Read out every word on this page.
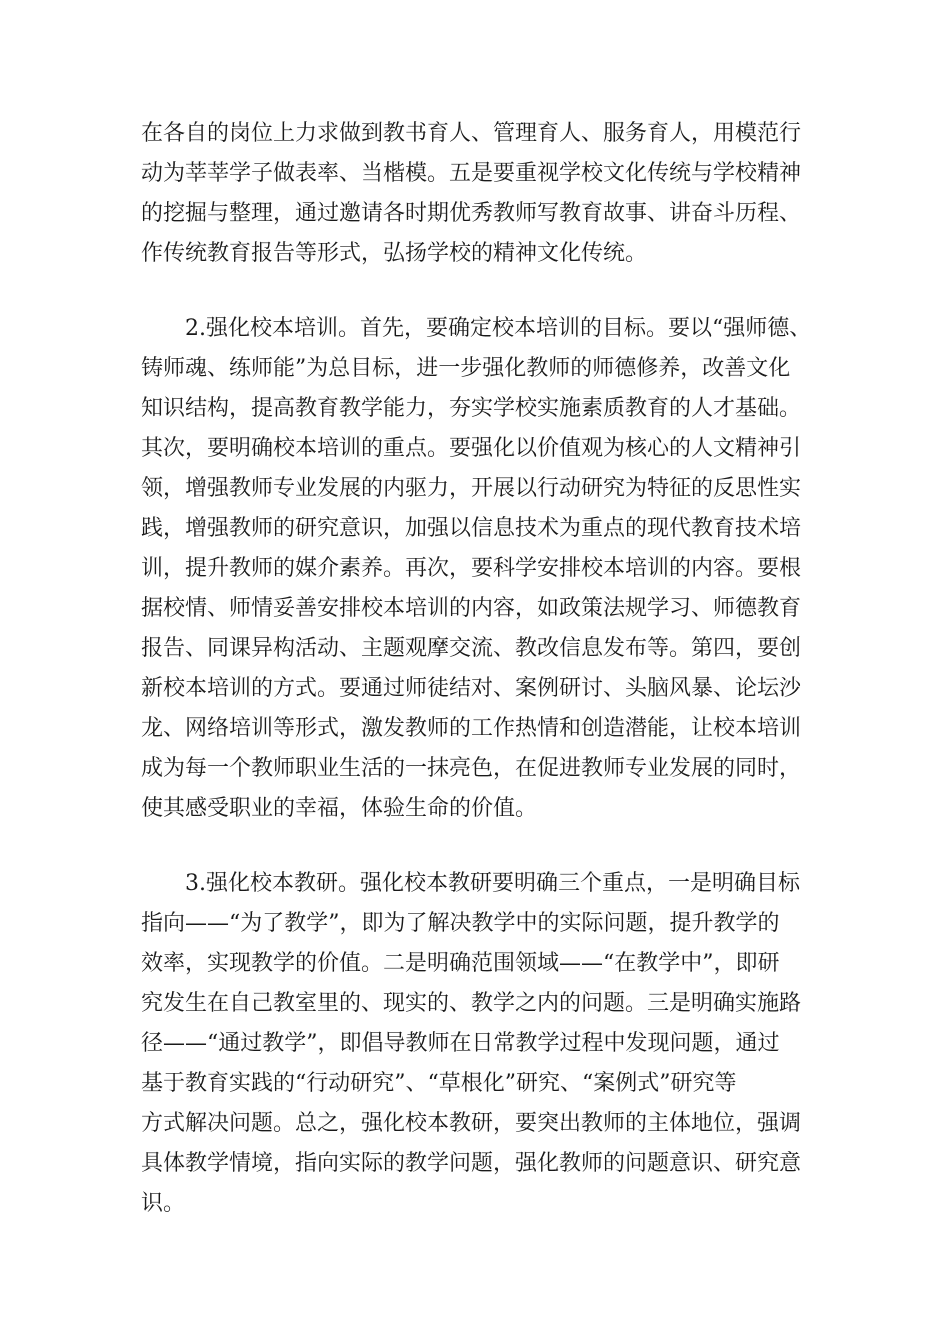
在各自的岗位上力求做到教书育人、管理育人、服务育人，用模范行
动为莘莘学子做表率、当楷模。五是要重视学校文化传统与学校精神
的挖掘与整理，通过邀请各时期优秀教师写教育故事、讲奋斗历程、
作传统教育报告等形式，弘扬学校的精神文化传统。
2.强化校本培训。首先，要确定校本培训的目标。要以“强师德、
铸师魂、练师能”为总目标，进一步强化教师的师德修养，改善文化
知识结构，提高教育教学能力，夯实学校实施素质教育的人才基础。
其次，要明确校本培训的重点。要强化以价值观为核心的人文精神引
领，增强教师专业发展的内驱力，开展以行动研究为特征的反思性实
践，增强教师的研究意识，加强以信息技术为重点的现代教育技术培
训，提升教师的媒介素养。再次，要科学安排校本培训的内容。要根
据校情、师情妥善安排校本培训的内容，如政策法规学习、师德教育
报告、同课异构活动、主题观摩交流、教改信息发布等。第四，要创
新校本培训的方式。要通过师徒结对、案例研讨、头脑风暴、论坛沙
龙、网络培训等形式，激发教师的工作热情和创造潜能，让校本培训
成为每一个教师职业生活的一抹亮色，在促进教师专业发展的同时，
使其感受职业的幸福，体验生命的价值。
3.强化校本教研。强化校本教研要明确三个重点，一是明确目标
指向——“为了教学”，即为了解决教学中的实际问题，提升教学的
效率，实现教学的价值。二是明确范围领域——“在教学中”，即研
究发生在自己教室里的、现实的、教学之内的问题。三是明确实施路
径——“通过教学”，即倡导教师在日常教学过程中发现问题，通过
基于教育实践的“行动研究”、“草根化”研究、“案例式”研究等
方式解决问题。总之，强化校本教研，要突出教师的主体地位，强调
具体教学情境，指向实际的教学问题，强化教师的问题意识、研究意
识。
